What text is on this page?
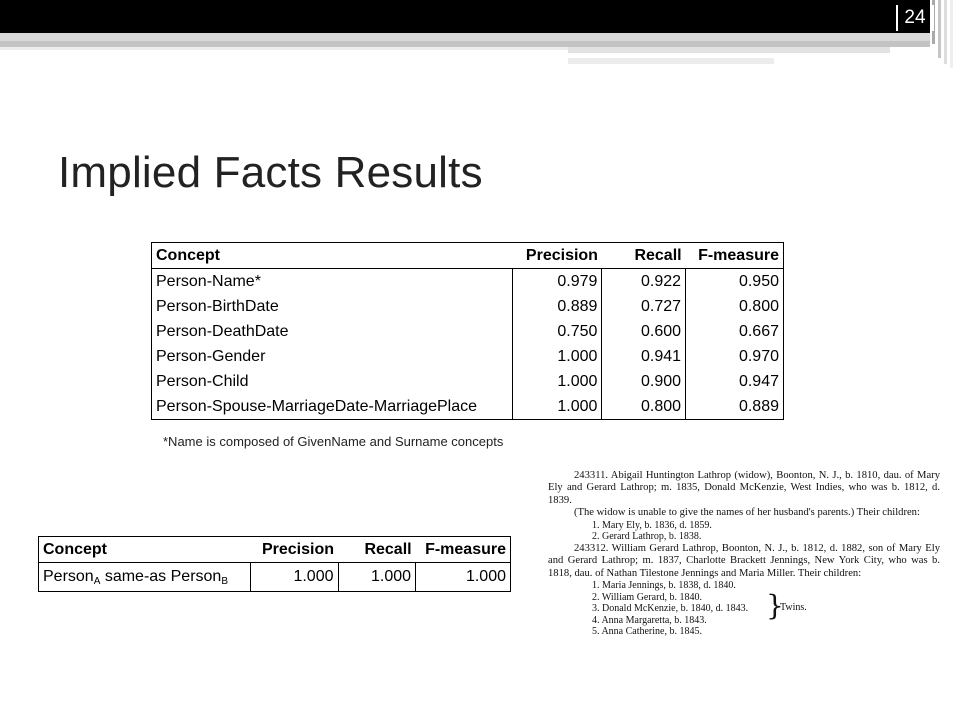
24
Implied Facts Results
Concept	Precision	Recall	F-measure
Person-Name*	0.979	0.922	0.950
Person-BirthDate	0.889	0.727	0.800
Person-DeathDate	0.750	0.600	0.667
Person-Gender	1.000	0.941	0.970
Person-Child	1.000	0.900	0.947
Person-Spouse-MarriageDate-MarriagePlace	1.000	0.800	0.889
*Name is composed of GivenName and Surname concepts
Concept	Precision	Recall	F-measure
Person$_A$ same-as Person$_B$	1.000	1.000	1.000

243311. Abigail Huntington Lathrop (widow), Boonton, N. J., b. 1810, dau. of Mary Ely and Gerard Lathrop; m. 1835, Donald McKenzie, West Indies, who was b. 1812, d. 1839.

(The widow is unable to give the names of her husband's parents.) Their children:

1. Mary Ely, b. 1836, d. 1859.
2. Gerard Lathrop, b. 1838.

243312. William Gerard Lathrop, Boonton, N. J., b. 1812, d. 1882, son of Mary Ely and Gerard Lathrop; m. 1837, Charlotte Brackett Jennings, New York City, who was b. 1818, dau. of Nathan Tilestone Jennings and Maria Miller. Their children:

1. Maria Jennings, b. 1838, d. 1840.
2. William Gerard, b. 1840.
3. Donald McKenzie, b. 1840, d. 1843.
4. Anna Margaretta, b. 1843.
5. Anna Catherine, b. 1845.
}
Twins.
